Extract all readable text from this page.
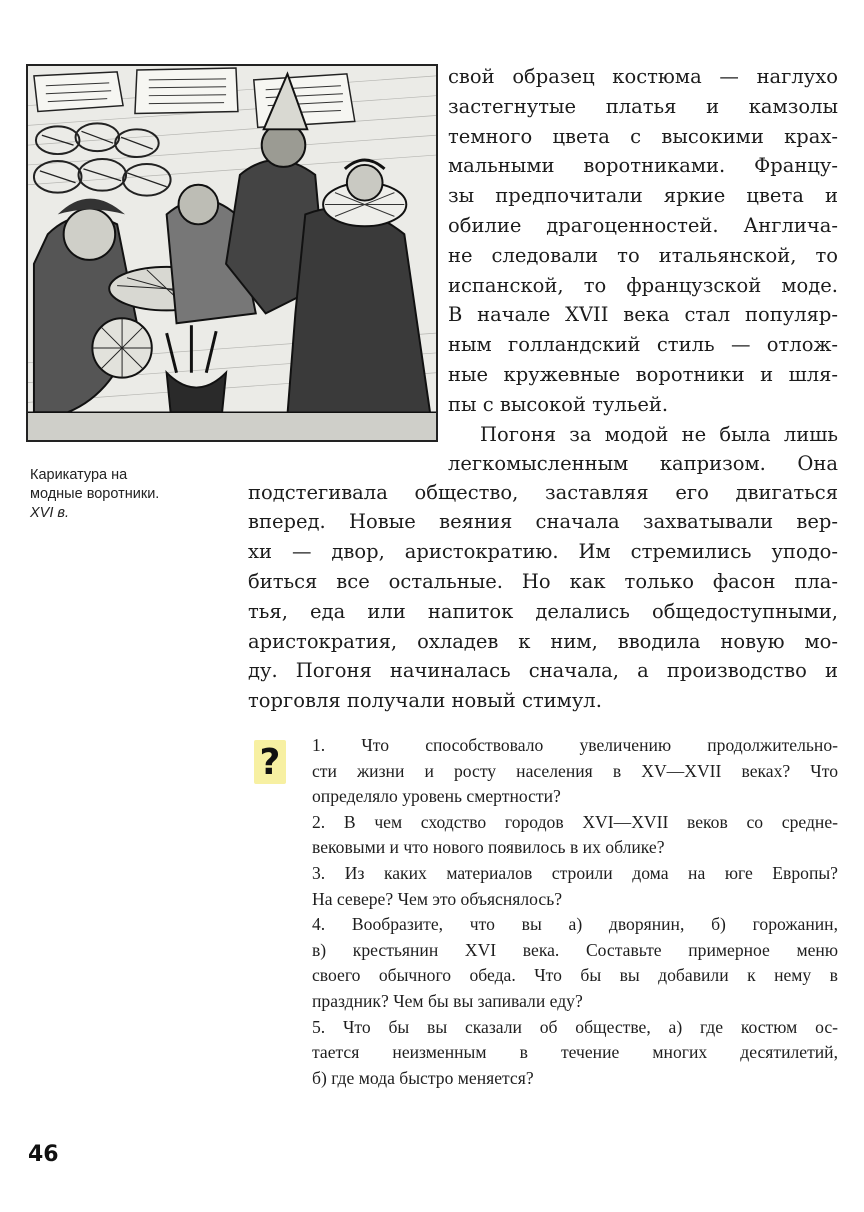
Карикатура на
модные воротники.
XVI в.
свой образец костюма — наглухо
застегнутые платья и камзолы
темного цвета с высокими крах-
мальными воротниками. Францу-
зы предпочитали яркие цвета и
обилие драгоценностей. Англича-
не следовали то итальянской, то
испанской, то французской моде.
В начале XVII века стал популяр-
ным голландский стиль — отлож-
ные кружевные воротники и шля-
пы с высокой тульей.
Погоня за модой не была лишь
легкомысленным капризом. Она
подстегивала общество, заставляя его двигаться
вперед. Новые веяния сначала захватывали вер-
хи — двор, аристократию. Им стремились уподо-
биться все остальные. Но как только фасон пла-
тья, еда или напиток делались общедоступными,
аристократия, охладев к ним, вводила новую мо-
ду. Погоня начиналась сначала, а производство и
торговля получали новый стимул.
?	1. Что способствовало увеличению продолжительно-
сти жизни и росту населения в XV—XVII веках? Что
определяло уровень смертности?
2. В чем сходство городов XVI—XVII веков со средне-
вековыми и что нового появилось в их облике?
3. Из каких материалов строили дома на юге Европы?
На севере? Чем это объяснялось?
4. Вообразите, что вы а) дворянин, б) горожанин,
в) крестьянин XVI века. Составьте примерное меню
своего обычного обеда. Что бы вы добавили к нему в
праздник? Чем бы вы запивали еду?
5. Что бы вы сказали об обществе, а) где костюм ос-
тается неизменным в течение многих десятилетий,
б) где мода быстро меняется?
46
